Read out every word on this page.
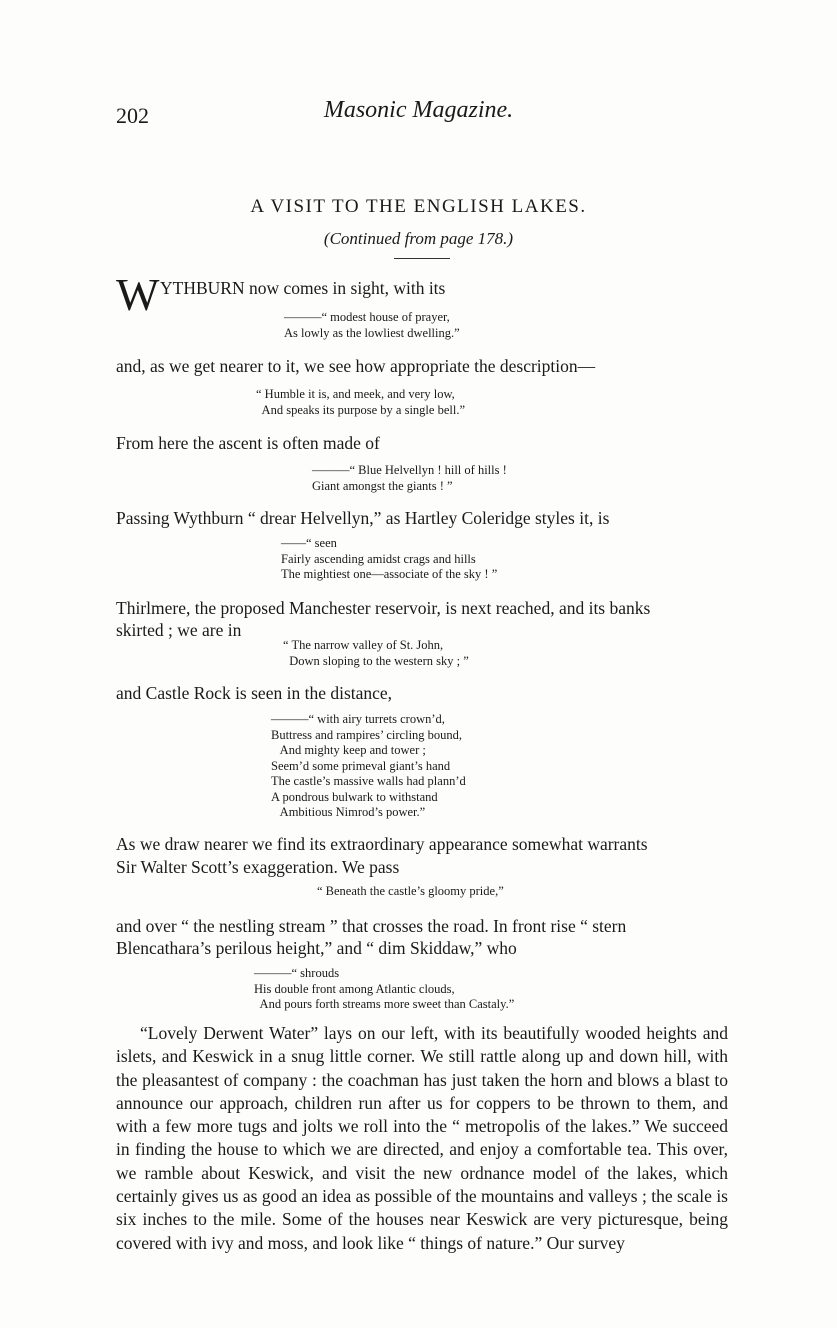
202	Masonic Magazine.
A VISIT TO THE ENGLISH LAKES.
(Continued from page 178.)
W YTHBURN now comes in sight, with its
———“ modest house of prayer,
As lowly as the lowliest dwelling.”
and, as we get nearer to it, we see how appropriate the description—
“ Humble it is, and meek, and very low,
And speaks its purpose by a single bell.”
From here the ascent is often made of
———“ Blue Helvellyn ! hill of hills !
Giant amongst the giants ! ”
Passing Wythburn “ drear Helvellyn,” as Hartley Coleridge styles it, is
——“ seen
Fairly ascending amidst crags and hills
The mightiest one—associate of the sky ! ”
Thirlmere, the proposed Manchester reservoir, is next reached, and its banks
skirted ; we are in
“ The narrow valley of St. John,
Down sloping to the western sky ; ”
and Castle Rock is seen in the distance,
———“ with airy turrets crown’d,
Buttress and rampires’ circling bound,
And mighty keep and tower ;
Seem’d some primeval giant’s hand
The castle’s massive walls had plann’d
A pondrous bulwark to withstand
Ambitious Nimrod’s power.”
As we draw nearer we find its extraordinary appearance somewhat warrants
Sir Walter Scott’s exaggeration. We pass
“ Beneath the castle’s gloomy pride,”
and over “ the nestling stream ” that crosses the road. In front rise “ stern
Blencathara’s perilous height,” and “ dim Skiddaw,” who
———“ shrouds
His double front among Atlantic clouds,
And pours forth streams more sweet than Castaly.”
“Lovely Derwent Water” lays on our left, with its beautifully wooded heights and islets, and Keswick in a snug little corner. We still rattle along up and down hill, with the pleasantest of company : the coachman has just taken the horn and blows a blast to announce our approach, children run after us for coppers to be thrown to them, and with a few more tugs and jolts we roll into the “ metropolis of the lakes.” We succeed in finding the house to which we are directed, and enjoy a comfortable tea. This over, we ramble about Keswick, and visit the new ordnance model of the lakes, which certainly gives us as good an idea as possible of the mountains and valleys ; the scale is six inches to the mile. Some of the houses near Keswick are very picturesque, being covered with ivy and moss, and look like “ things of nature.” Our survey
